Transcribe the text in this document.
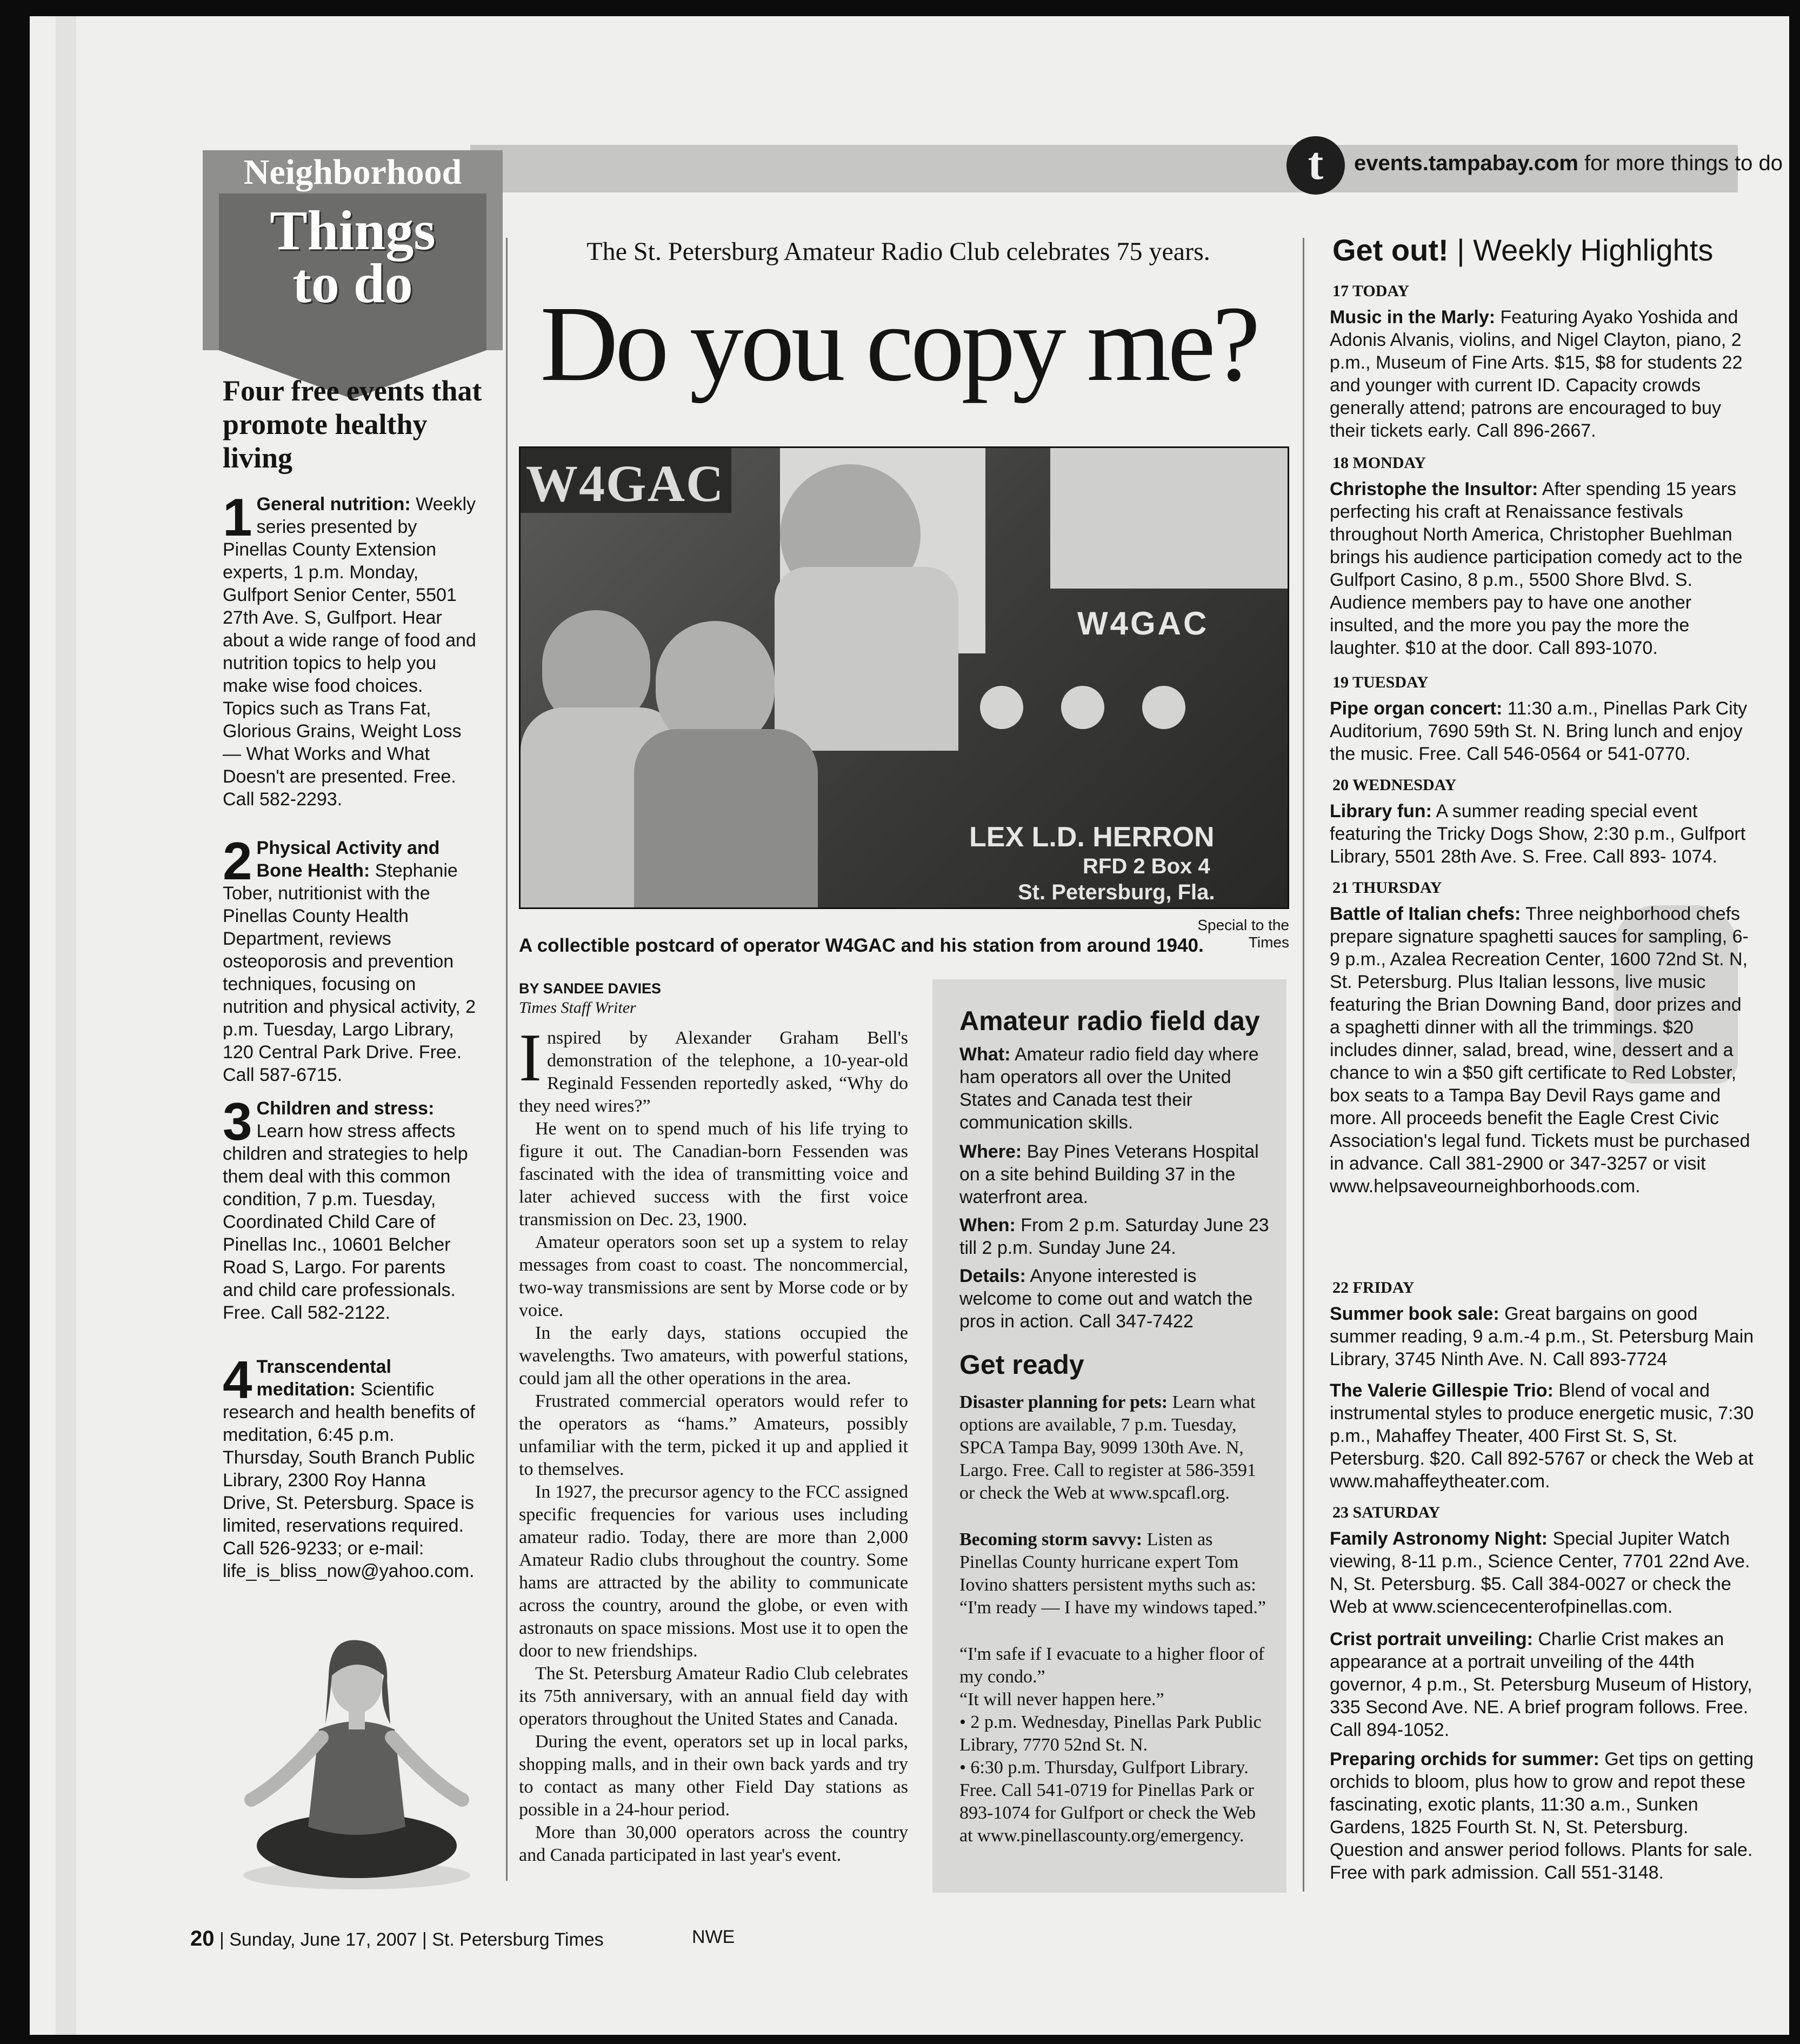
t	events.tampabay.com for more things to do
Neighborhood
Things
to do
Four free events that promote healthy living
1 General nutrition: Weekly series presented by Pinellas County Extension experts, 1 p.m. Monday, Gulfport Senior Center, 5501 27th Ave. S, Gulfport. Hear about a wide range of food and nutrition topics to help you make wise food choices. Topics such as Trans Fat, Glorious Grains, Weight Loss — What Works and What Doesn't are presented. Free. Call 582-2293.
2 Physical Activity and Bone Health: Stephanie Tober, nutritionist with the Pinellas County Health Department, reviews osteoporosis and prevention techniques, focusing on nutrition and physical activity, 2 p.m. Tuesday, Largo Library, 120 Central Park Drive. Free. Call 587-6715.
3 Children and stress: Learn how stress affects children and strategies to help them deal with this common condition, 7 p.m. Tuesday, Coordinated Child Care of Pinellas Inc., 10601 Belcher Road S, Largo. For parents and child care professionals. Free. Call 582-2122.
4 Transcendental meditation: Scientific research and health benefits of meditation, 6:45 p.m. Thursday, South Branch Public Library, 2300 Roy Hanna Drive, St. Petersburg. Space is limited, reservations required. Call 526-9233; or e-mail: life_is_bliss_now@yahoo.com.
The St. Petersburg Amateur Radio Club celebrates 75 years.
Do you copy me?
W4GAC
W4GAC
LEX L.D. HERRON
RFD 2 Box 4
St. Petersburg, Fla.
Special to the Times
A collectible postcard of operator W4GAC and his station from around 1940.
BY SANDEE DAVIES
Times Staff Writer

Inspired by Alexander Graham Bell's demonstration of the telephone, a 10-year-old Reginald Fessenden reportedly asked, “Why do they need wires?”

He went on to spend much of his life trying to figure it out. The Canadian-born Fessenden was fascinated with the idea of transmitting voice and later achieved success with the first voice transmission on Dec. 23, 1900.

Amateur operators soon set up a system to relay messages from coast to coast. The noncommercial, two-way transmissions are sent by Morse code or by voice.

In the early days, stations occupied the wavelengths. Two amateurs, with powerful stations, could jam all the other operations in the area.

Frustrated commercial operators would refer to the operators as “hams.” Amateurs, possibly unfamiliar with the term, picked it up and applied it to themselves.

In 1927, the precursor agency to the FCC assigned specific frequencies for various uses including amateur radio. Today, there are more than 2,000 Amateur Radio clubs throughout the country. Some hams are attracted by the ability to communicate across the country, around the globe, or even with astronauts on space missions. Most use it to open the door to new friendships.

The St. Petersburg Amateur Radio Club celebrates its 75th anniversary, with an annual field day with operators throughout the United States and Canada.

During the event, operators set up in local parks, shopping malls, and in their own back yards and try to contact as many other Field Day stations as possible in a 24-hour period.

More than 30,000 operators across the country and Canada participated in last year's event.

Amateur radio field day
What: Amateur radio field day where ham operators all over the United States and Canada test their communication skills.
Where: Bay Pines Veterans Hospital on a site behind Building 37 in the waterfront area.
When: From 2 p.m. Saturday June 23 till 2 p.m. Sunday June 24.
Details: Anyone interested is welcome to come out and watch the pros in action. Call 347-7422
Get ready
Disaster planning for pets: Learn what options are available, 7 p.m. Tuesday, SPCA Tampa Bay, 9099 130th Ave. N, Largo. Free. Call to register at 586-3591 or check the Web at www.spcafl.org.
Becoming storm savvy: Listen as Pinellas County hurricane expert Tom Iovino shatters persistent myths such as: “I'm ready — I have my windows taped.”
“I'm safe if I evacuate to a higher floor of my condo.”
“It will never happen here.”
• 2 p.m. Wednesday, Pinellas Park Public Library, 7770 52nd St. N.
• 6:30 p.m. Thursday, Gulfport Library. Free. Call 541-0719 for Pinellas Park or 893-1074 for Gulfport or check the Web at www.pinellascounty.org/emergency.
Get out! | Weekly Highlights
17 TODAY
Music in the Marly: Featuring Ayako Yoshida and Adonis Alvanis, violins, and Nigel Clayton, piano, 2 p.m., Museum of Fine Arts. $15, $8 for students 22 and younger with current ID. Capacity crowds generally attend; patrons are encouraged to buy their tickets early. Call 896-2667.
18 MONDAY
Christophe the Insultor: After spending 15 years perfecting his craft at Renaissance festivals throughout North America, Christopher Buehlman brings his audience participation comedy act to the Gulfport Casino, 8 p.m., 5500 Shore Blvd. S. Audience members pay to have one another insulted, and the more you pay the more the laughter. $10 at the door. Call 893-1070.
19 TUESDAY
Pipe organ concert: 11:30 a.m., Pinellas Park City Auditorium, 7690 59th St. N. Bring lunch and enjoy the music. Free. Call 546-0564 or 541-0770.
20 WEDNESDAY
Library fun: A summer reading special event featuring the Tricky Dogs Show, 2:30 p.m., Gulfport Library, 5501 28th Ave. S. Free. Call 893- 1074.
21 THURSDAY
Battle of Italian chefs: Three neighborhood chefs prepare signature spaghetti sauces for sampling, 6-9 p.m., Azalea Recreation Center, 1600 72nd St. N, St. Petersburg. Plus Italian lessons, live music featuring the Brian Downing Band, door prizes and a spaghetti dinner with all the trimmings. $20 includes dinner, salad, bread, wine, dessert and a chance to win a $50 gift certificate to Red Lobster, box seats to a Tampa Bay Devil Rays game and more. All proceeds benefit the Eagle Crest Civic Association's legal fund. Tickets must be purchased in advance. Call 381-2900 or 347-3257 or visit www.helpsaveourneighborhoods.com.
22 FRIDAY
Summer book sale: Great bargains on good summer reading, 9 a.m.-4 p.m., St. Petersburg Main Library, 3745 Ninth Ave. N. Call 893-7724
The Valerie Gillespie Trio: Blend of vocal and instrumental styles to produce energetic music, 7:30 p.m., Mahaffey Theater, 400 First St. S, St. Petersburg. $20. Call 892-5767 or check the Web at www.mahaffeytheater.com.
23 SATURDAY
Family Astronomy Night: Special Jupiter Watch viewing, 8-11 p.m., Science Center, 7701 22nd Ave. N, St. Petersburg. $5. Call 384-0027 or check the Web at www.sciencecenterofpinellas.com.
Crist portrait unveiling: Charlie Crist makes an appearance at a portrait unveiling of the 44th governor, 4 p.m., St. Petersburg Museum of History, 335 Second Ave. NE. A brief program follows. Free. Call 894-1052.
Preparing orchids for summer: Get tips on getting orchids to bloom, plus how to grow and repot these fascinating, exotic plants, 11:30 a.m., Sunken Gardens, 1825 Fourth St. N, St. Petersburg. Question and answer period follows. Plants for sale. Free with park admission. Call 551-3148.
20 | Sunday, June 17, 2007 | St. Petersburg Times	NWE
